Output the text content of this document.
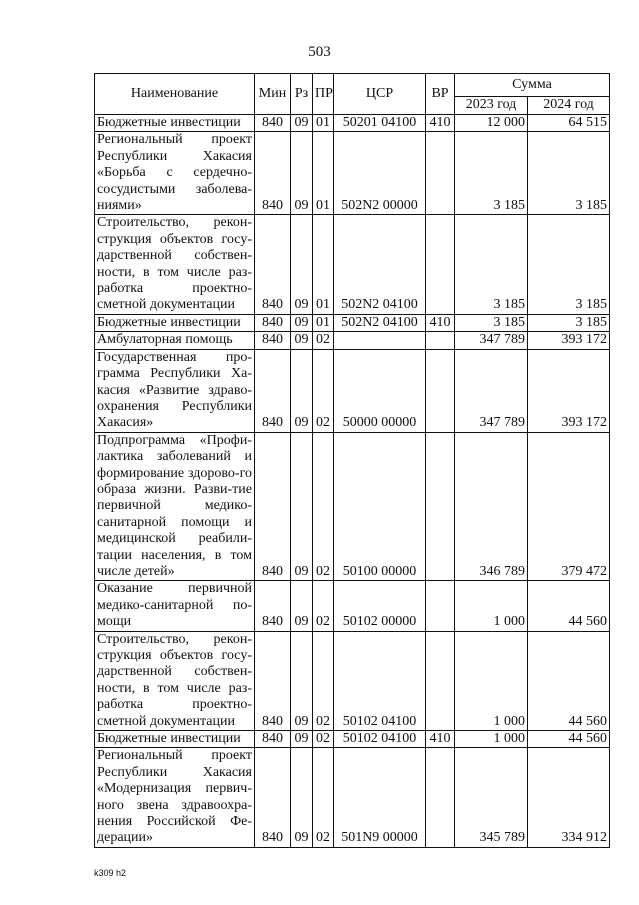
503
Наименование	Мин	Рз	ПР	ЦСР	ВР	Сумма	
						2023 год	2024 год
Бюджетные инвестиции	840	09	01	50201 04100	410	12 000	64 515
Региональный проект Республики Хакасия «Борьба с сердечно-сосудистыми заболева-ниями»	840	09	01	502N2 00000		3 185	3 185
Строительство, рекон-струкция объектов госу-дарственной собствен-ности, в том числе раз-работка проектно-сметной документации	840	09	01	502N2 04100		3 185	3 185
Бюджетные инвестиции	840	09	01	502N2 04100	410	3 185	3 185
Амбулаторная помощь	840	09	02			347 789	393 172
Государственная про-грамма Республики Ха-касия «Развитие здраво-охранения Республики Хакасия»	840	09	02	50000 00000		347 789	393 172
Подпрограмма «Профи-лактика заболеваний и формирование здорово-го образа жизни. Разви-тие первичной медико-санитарной помощи и медицинской реабили-тации населения, в том числе детей»	840	09	02	50100 00000		346 789	379 472
Оказание первичной медико-санитарной по-мощи	840	09	02	50102 00000		1 000	44 560
Строительство, рекон-струкция объектов госу-дарственной собствен-ности, в том числе раз-работка проектно-сметной документации	840	09	02	50102 04100		1 000	44 560
Бюджетные инвестиции	840	09	02	50102 04100	410	1 000	44 560
Региональный проект Республики Хакасия «Модернизация первич-ного звена здравоохра-нения Российской Фе-дерации»	840	09	02	501N9 00000		345 789	334 912
k309 h2
